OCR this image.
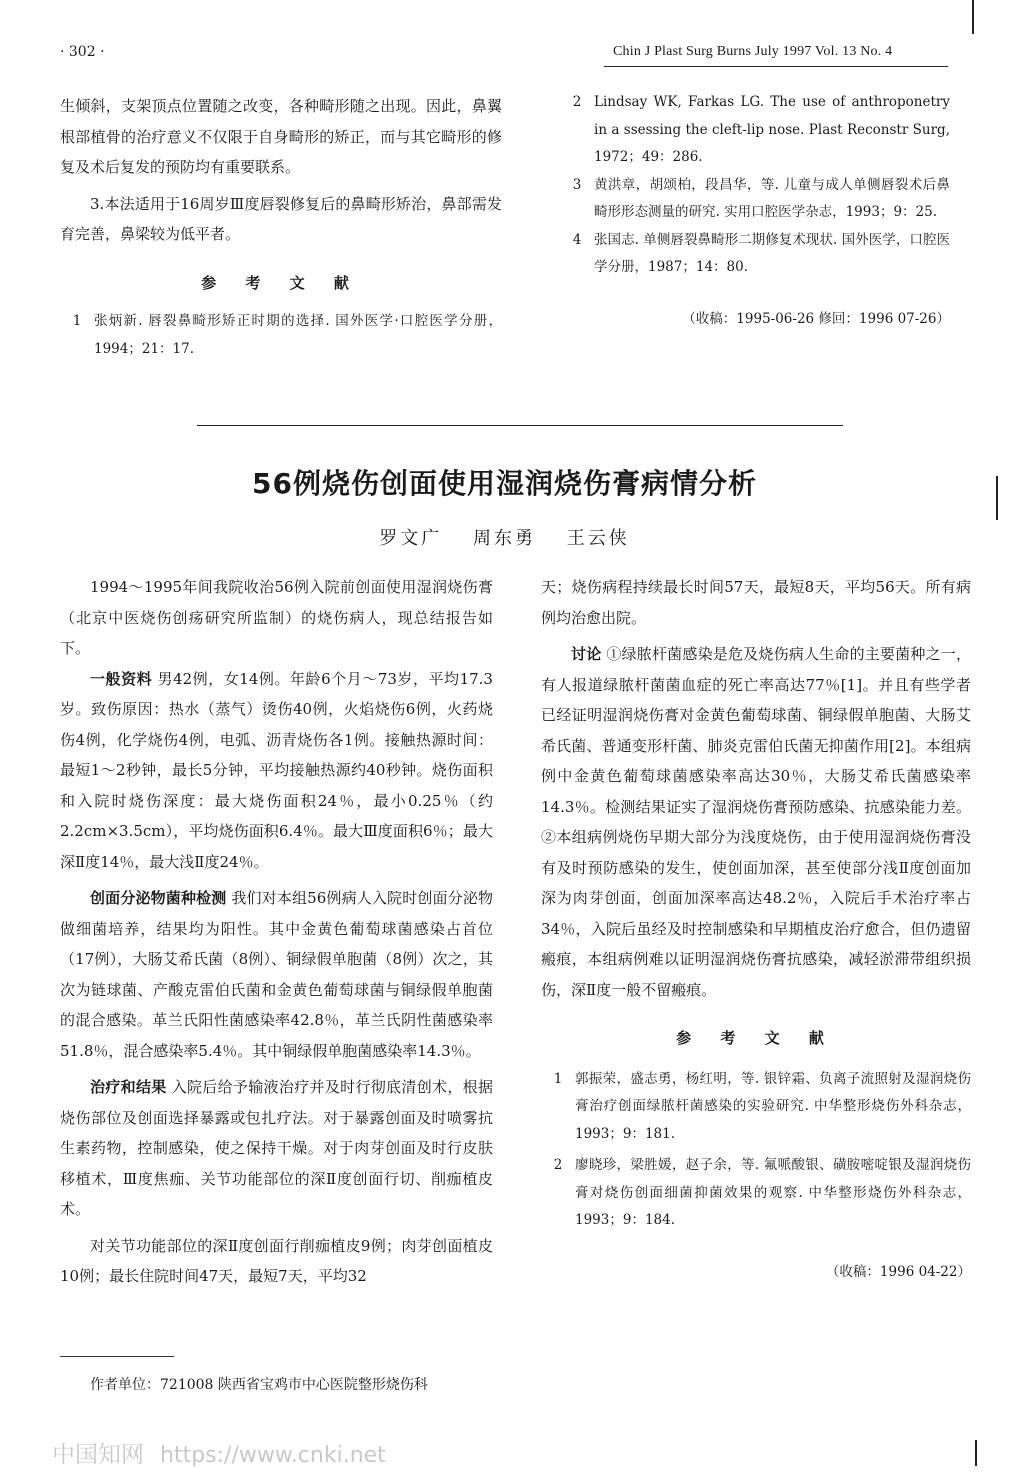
· 302 ·	Chin J Plast Surg Burns July 1997 Vol. 13 No. 4

生倾斜，支架顶点位置随之改变，各种畸形随之出现。因此，鼻翼根部植骨的治疗意义不仅限于自身畸形的矫正，而与其它畸形的修复及术后复发的预防均有重要联系。

3.本法适用于16周岁Ⅲ度唇裂修复后的鼻畸形矫治，鼻部需发育完善，鼻梁较为低平者。

参 考 文 献
1 张炳新. 唇裂鼻畸形矫正时期的选择. 国外医学·口腔医学分册，1994；21：17.
2 Lindsay WK, Farkas LG. The use of anthroponetry in a ssessing the cleft-lip nose. Plast Reconstr Surg, 1972；49：286.
3 黄洪章，胡颂柏，段昌华，等. 儿童与成人单侧唇裂术后鼻畸形形态测量的研究. 实用口腔医学杂志，1993；9：25.
4 张国志. 单侧唇裂鼻畸形二期修复术现状. 国外医学，口腔医学分册，1987；14：80.
（收稿：1995-06-26 修回：1996 07-26）
56例烧伤创面使用湿润烧伤膏病情分析
罗文广 周东勇 王云侠

1994～1995年间我院收治56例入院前创面使用湿润烧伤膏（北京中医烧伤创疡研究所监制）的烧伤病人，现总结报告如下。

一般资料 男42例，女14例。年龄6个月～73岁，平均17.3岁。致伤原因：热水（蒸气）烫伤40例，火焰烧伤6例，火药烧伤4例，化学烧伤4例，电弧、沥青烧伤各1例。接触热源时间：最短1～2秒钟，最长5分钟，平均接触热源约40秒钟。烧伤面积和入院时烧伤深度：最大烧伤面积24％，最小0.25％（约2.2cm×3.5cm），平均烧伤面积6.4％。最大Ⅲ度面积6％；最大深Ⅱ度14％，最大浅Ⅱ度24％。

创面分泌物菌种检测 我们对本组56例病人入院时创面分泌物做细菌培养，结果均为阳性。其中金黄色葡萄球菌感染占首位（17例），大肠艾希氏菌（8例）、铜绿假单胞菌（8例）次之，其次为链球菌、产酸克雷伯氏菌和金黄色葡萄球菌与铜绿假单胞菌的混合感染。革兰氏阳性菌感染率42.8％，革兰氏阴性菌感染率51.8％，混合感染率5.4％。其中铜绿假单胞菌感染率14.3％。

治疗和结果 入院后给予输液治疗并及时行彻底清创术，根据烧伤部位及创面选择暴露或包扎疗法。对于暴露创面及时喷雾抗生素药物，控制感染，使之保持干燥。对于肉芽创面及时行皮肤移植术，Ⅲ度焦痂、关节功能部位的深Ⅱ度创面行切、削痂植皮术。

对关节功能部位的深Ⅱ度创面行削痂植皮9例；肉芽创面植皮10例；最长住院时间47天，最短7天，平均32

天；烧伤病程持续最长时间57天，最短8天，平均56天。所有病例均治愈出院。

讨论 ①绿脓杆菌感染是危及烧伤病人生命的主要菌种之一，有人报道绿脓杆菌菌血症的死亡率高达77％[1]。并且有些学者已经证明湿润烧伤膏对金黄色葡萄球菌、铜绿假单胞菌、大肠艾希氏菌、普通变形杆菌、肺炎克雷伯氏菌无抑菌作用[2]。本组病例中金黄色葡萄球菌感染率高达30％，大肠艾希氏菌感染率14.3％。检测结果证实了湿润烧伤膏预防感染、抗感染能力差。②本组病例烧伤早期大部分为浅度烧伤，由于使用湿润烧伤膏没有及时预防感染的发生，使创面加深，甚至使部分浅Ⅱ度创面加深为肉芽创面，创面加深率高达48.2％，入院后手术治疗率占34％，入院后虽经及时控制感染和早期植皮治疗愈合，但仍遗留瘢痕，本组病例难以证明湿润烧伤膏抗感染，减轻淤滞带组织损伤，深Ⅱ度一般不留瘢痕。

参 考 文 献
1 郭振荣，盛志勇，杨红明，等. 银锌霜、负离子流照射及湿润烧伤膏治疗创面绿脓杆菌感染的实验研究. 中华整形烧伤外科杂志，1993；9：181.
2 廖晓珍，梁胜媛，赵子余，等. 氟哌酸银、磺胺嘧啶银及湿润烧伤膏对烧伤创面细菌抑菌效果的观察. 中华整形烧伤外科杂志，1993；9：184.
（收稿：1996 04-22）
作者单位：721008 陕西省宝鸡市中心医院整形烧伤科
中国知网 https://www.cnki.net
